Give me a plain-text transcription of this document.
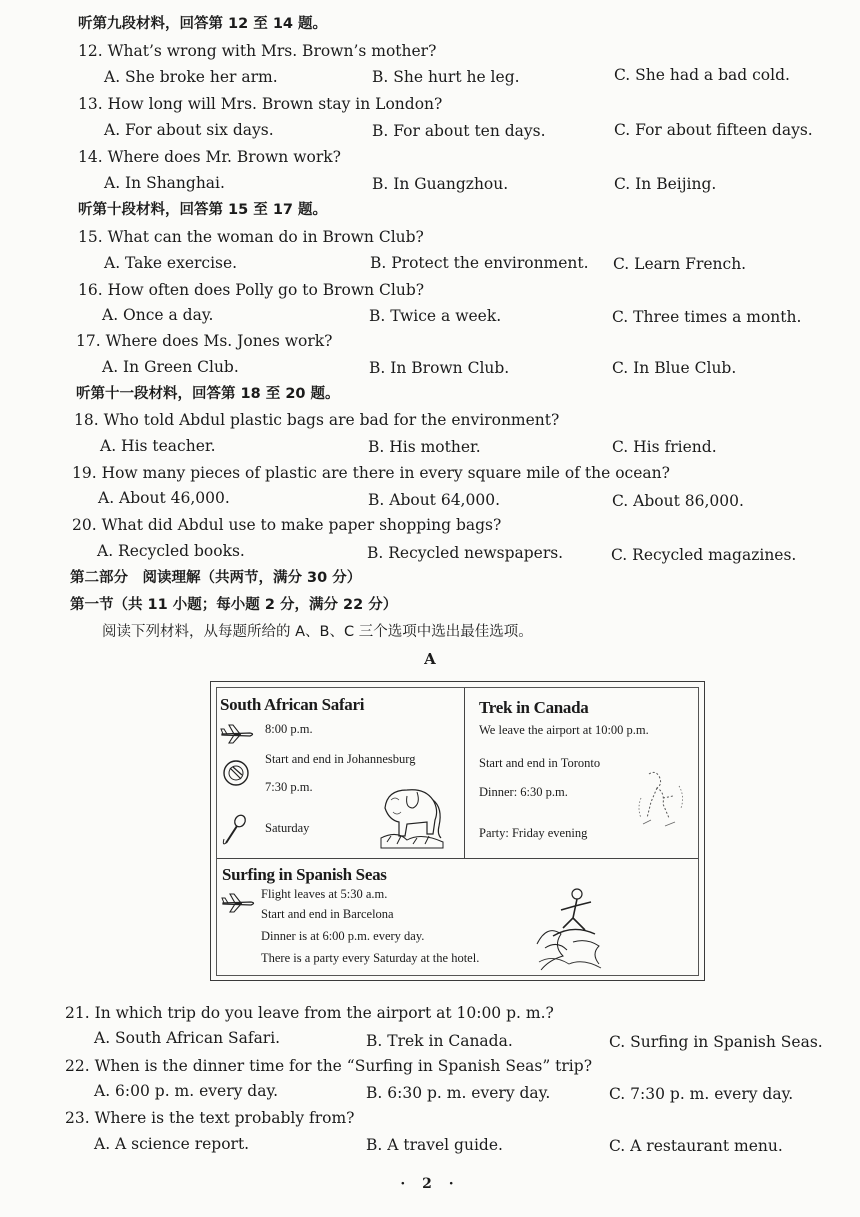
听第九段材料，回答第 12 至 14 题。
12. What’s wrong with Mrs. Brown’s mother?
A. She broke her arm.	B. She hurt he leg.	C. She had a bad cold.
13. How long will Mrs. Brown stay in London?
A. For about six days.	B. For about ten days.	C. For about fifteen days.
14. Where does Mr. Brown work?
A. In Shanghai.	B. In Guangzhou.	C. In Beijing.
听第十段材料，回答第 15 至 17 题。
15. What can the woman do in Brown Club?
A. Take exercise.	B. Protect the environment. C. Learn French.
16. How often does Polly go to Brown Club?
A. Once a day.	B. Twice a week.	C. Three times a month.
17. Where does Ms. Jones work?
A. In Green Club.	B. In Brown Club.	C. In Blue Club.
听第十一段材料，回答第 18 至 20 题。
18. Who told Abdul plastic bags are bad for the environment?
A. His teacher.	B. His mother.	C. His friend.
19. How many pieces of plastic are there in every square mile of the ocean?
A. About 46,000.	B. About 64,000.	C. About 86,000.
20. What did Abdul use to make paper shopping bags?
A. Recycled books.	B. Recycled newspapers.	C. Recycled magazines.
第二部分　阅读理解（共两节，满分 30 分）
第一节（共 11 小题；每小题 2 分，满分 22 分）
阅读下列材料，从每题所给的 A、B、C 三个选项中选出最佳选项。
A
South African Safari
8:00 p.m.
Start and end in Johannesburg
7:30 p.m.
Saturday
Trek in Canada
We leave the airport at 10:00 p.m.
Start and end in Toronto
Dinner: 6:30 p.m.
Party: Friday evening
Surfing in Spanish Seas
Flight leaves at 5:30 a.m.
Start and end in Barcelona
Dinner is at 6:00 p.m. every day.
There is a party every Saturday at the hotel.
21. In which trip do you leave from the airport at 10:00 p. m.?
A. South African Safari.	B. Trek in Canada.	C. Surfing in Spanish Seas.
22. When is the dinner time for the “Surfing in Spanish Seas” trip?
A. 6:00 p. m. every day.	B. 6:30 p. m. every day.	C. 7:30 p. m. every day.
23. Where is the text probably from?
A. A science report.	B. A travel guide.	C. A restaurant menu.
· 2 ·
